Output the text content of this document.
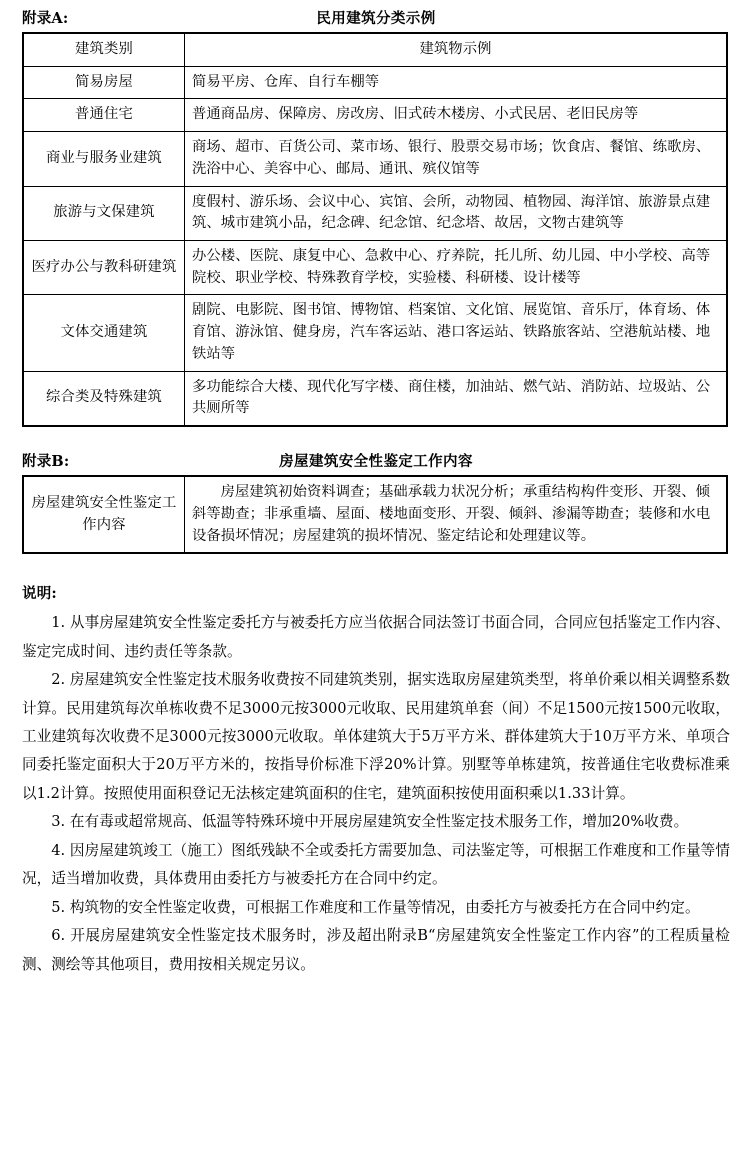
附录A:	民用建筑分类示例
建筑类别	建筑物示例
简易房屋	简易平房、仓库、自行车棚等
普通住宅	普通商品房、保障房、房改房、旧式砖木楼房、小式民居、老旧民房等
商业与服务业建筑	商场、超市、百货公司、菜市场、银行、股票交易市场；饮食店、餐馆、练歌房、洗浴中心、美容中心、邮局、通讯、殡仪馆等
旅游与文保建筑	度假村、游乐场、会议中心、宾馆、会所，动物园、植物园、海洋馆、旅游景点建筑、城市建筑小品，纪念碑、纪念馆、纪念塔、故居，文物古建筑等
医疗办公与教科研建筑	办公楼、医院、康复中心、急救中心、疗养院，托儿所、幼儿园、中小学校、高等院校、职业学校、特殊教育学校，实验楼、科研楼、设计楼等
文体交通建筑	剧院、电影院、图书馆、博物馆、档案馆、文化馆、展览馆、音乐厅，体育场、体育馆、游泳馆、健身房，汽车客运站、港口客运站、铁路旅客站、空港航站楼、地铁站等
综合类及特殊建筑	多功能综合大楼、现代化写字楼、商住楼，加油站、燃气站、消防站、垃圾站、公共厕所等
附录B:	房屋建筑安全性鉴定工作内容
房屋建筑安全性鉴定工作内容	房屋建筑初始资料调查；基础承载力状况分析；承重结构构件变形、开裂、倾斜等勘查；非承重墙、屋面、楼地面变形、开裂、倾斜、渗漏等勘查；装修和水电设备损坏情况；房屋建筑的损坏情况、鉴定结论和处理建议等。
说明:

1. 从事房屋建筑安全性鉴定委托方与被委托方应当依据合同法签订书面合同，合同应包括鉴定工作内容、鉴定完成时间、违约责任等条款。

2. 房屋建筑安全性鉴定技术服务收费按不同建筑类别，据实选取房屋建筑类型，将单价乘以相关调整系数计算。民用建筑每次单栋收费不足3000元按3000元收取、民用建筑单套（间）不足1500元按1500元收取，工业建筑每次收费不足3000元按3000元收取。单体建筑大于5万平方米、群体建筑大于10万平方米、单项合同委托鉴定面积大于20万平方米的，按指导价标准下浮20%计算。别墅等单栋建筑，按普通住宅收费标准乘以1.2计算。按照使用面积登记无法核定建筑面积的住宅，建筑面积按使用面积乘以1.33计算。

3. 在有毒或超常规高、低温等特殊环境中开展房屋建筑安全性鉴定技术服务工作，增加20%收费。

4. 因房屋建筑竣工（施工）图纸残缺不全或委托方需要加急、司法鉴定等，可根据工作难度和工作量等情况，适当增加收费，具体费用由委托方与被委托方在合同中约定。

5. 构筑物的安全性鉴定收费，可根据工作难度和工作量等情况，由委托方与被委托方在合同中约定。

6. 开展房屋建筑安全性鉴定技术服务时，涉及超出附录B“房屋建筑安全性鉴定工作内容”的工程质量检测、测绘等其他项目，费用按相关规定另议。
